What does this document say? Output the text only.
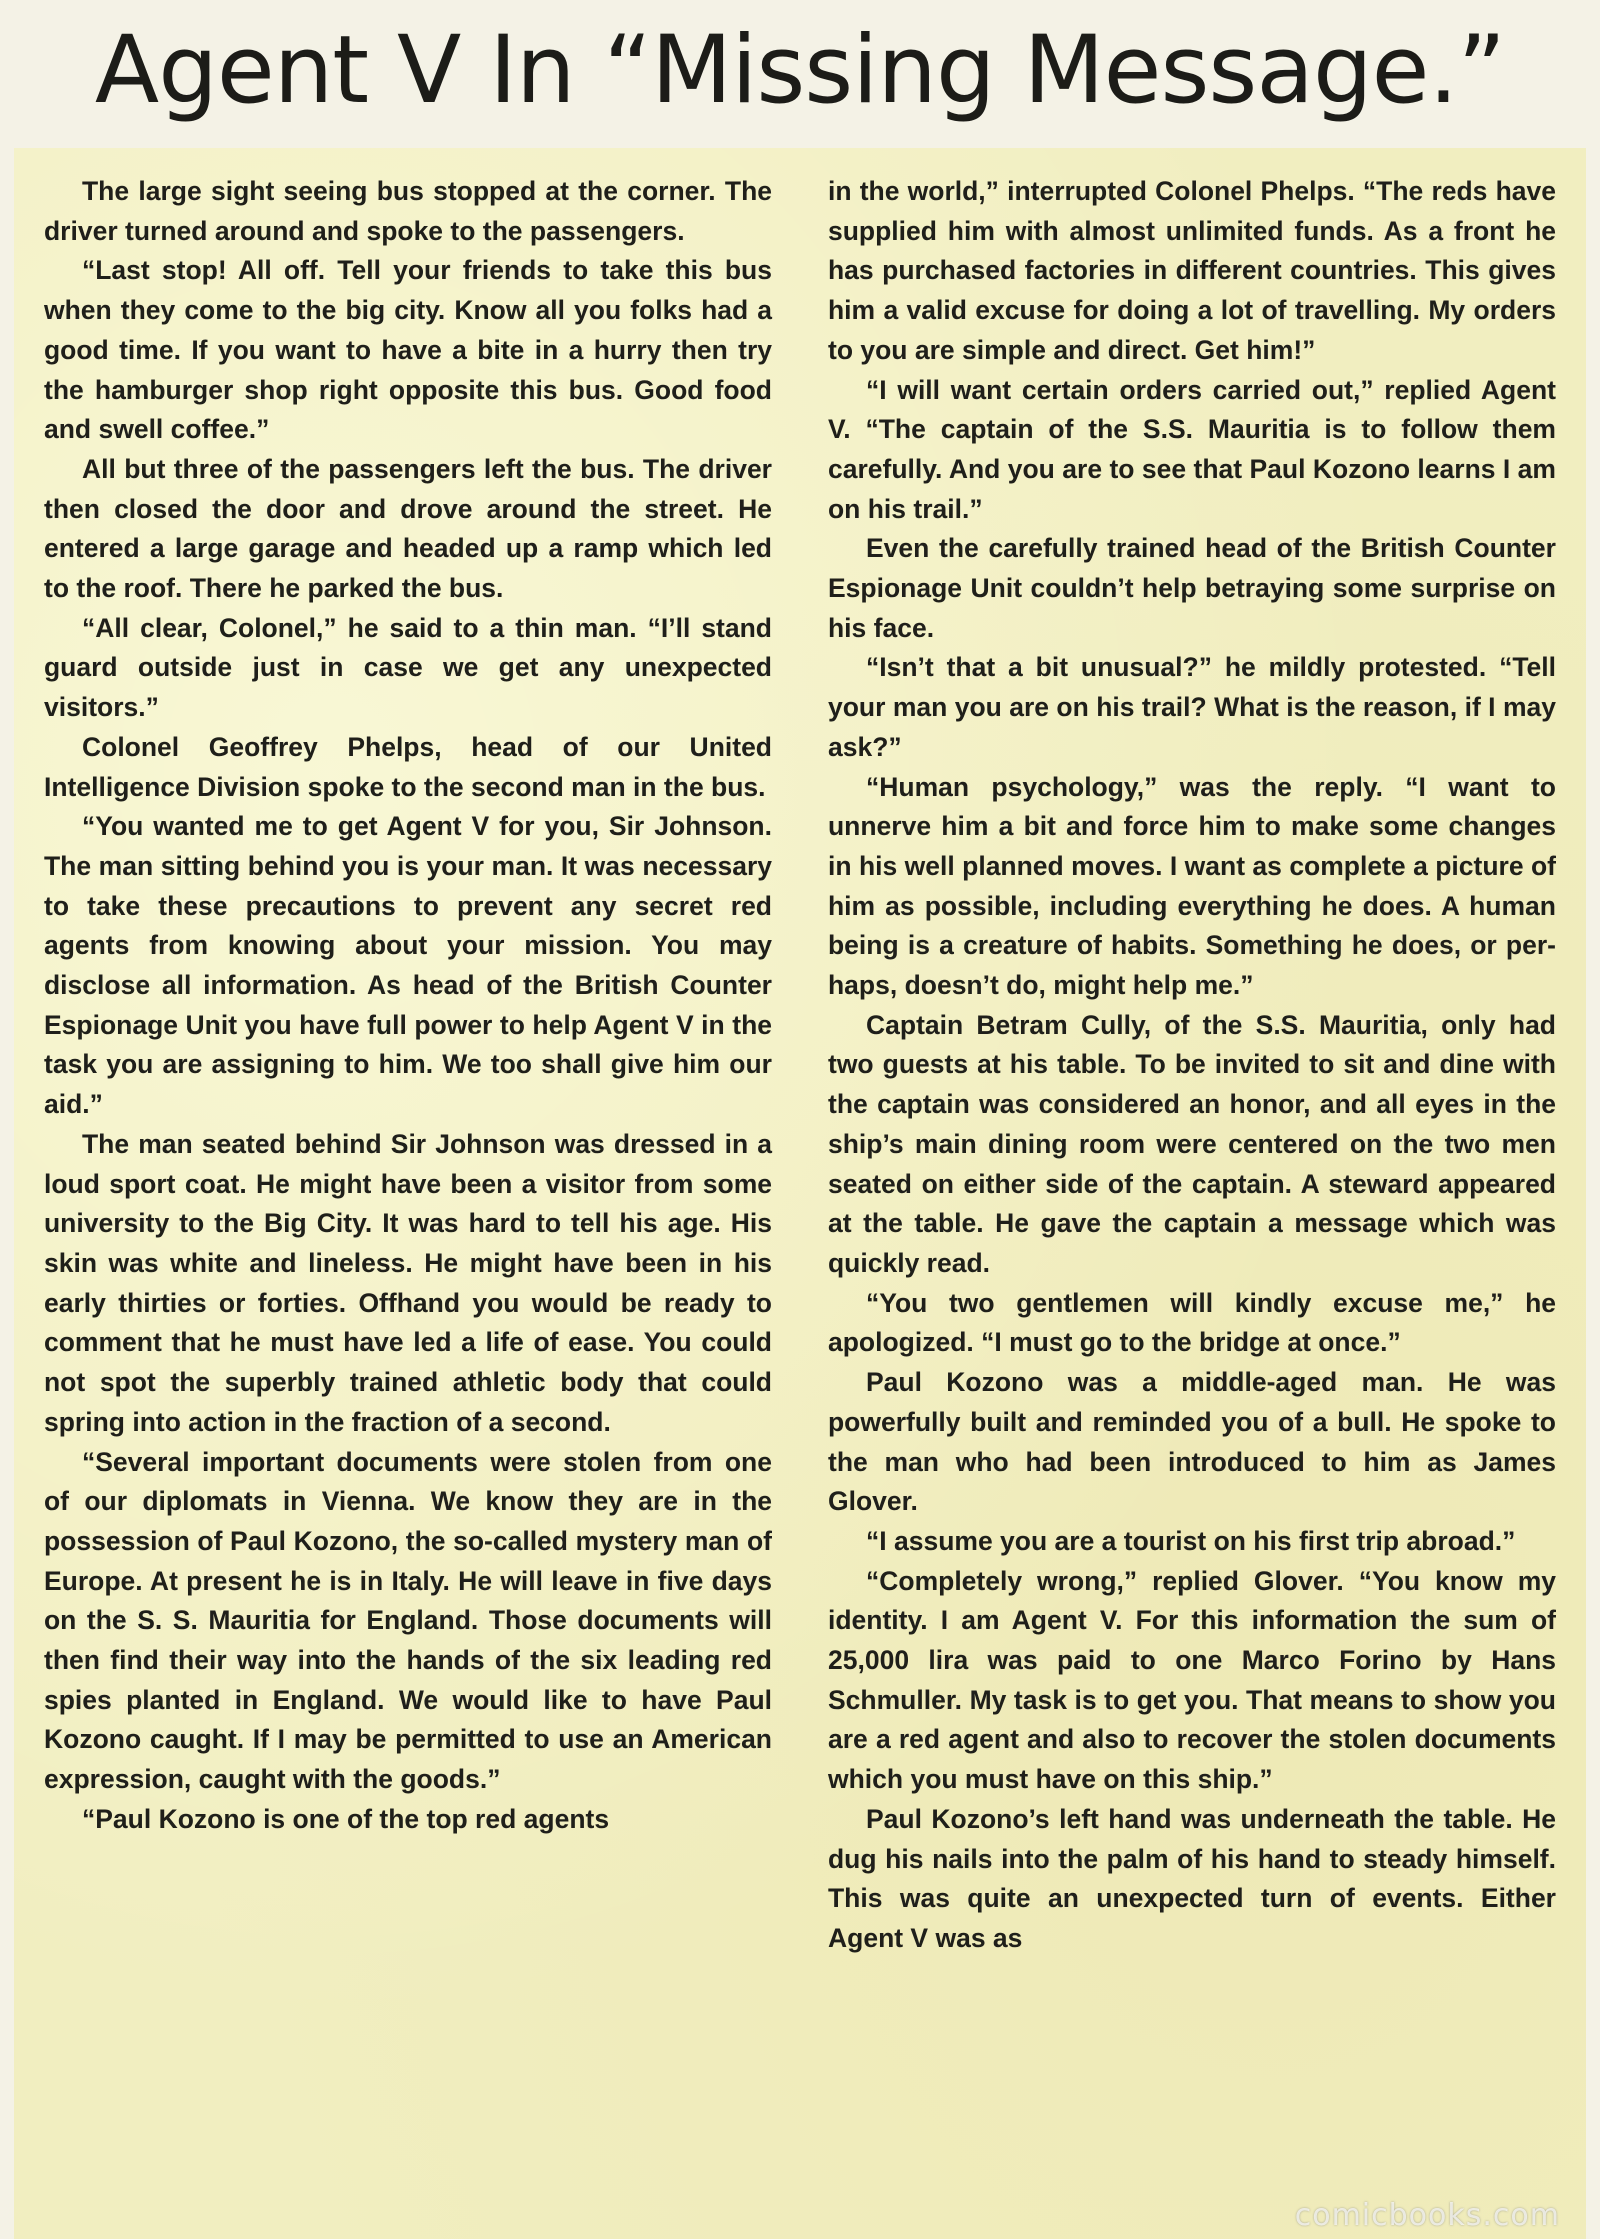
Agent V In “Missing Message.”

The large sight seeing bus stopped at the corner. The driver turned around and spoke to the passengers.

“Last stop! All off. Tell your friends to take this bus when they come to the big city. Know all you folks had a good time. If you want to have a bite in a hurry then try the hamburger shop right opposite this bus. Good food and swell coffee.”

All but three of the passengers left the bus. The driver then closed the door and drove around the street. He entered a large garage and headed up a ramp which led to the roof. There he parked the bus.

“All clear, Colonel,” he said to a thin man. “I’ll stand guard outside just in case we get any unexpected visitors.”

Colonel Geoffrey Phelps, head of our United Intelligence Division spoke to the second man in the bus.

“You wanted me to get Agent V for you, Sir Johnson. The man sitting behind you is your man. It was necessary to take these precautions to prevent any secret red agents from knowing about your mission. You may disclose all information. As head of the British Counter Espionage Unit you have full power to help Agent V in the task you are assigning to him. We too shall give him our aid.”

The man seated behind Sir Johnson was dressed in a loud sport coat. He might have been a visitor from some university to the Big City. It was hard to tell his age. His skin was white and lineless. He might have been in his early thirties or forties. Offhand you would be ready to comment that he must have led a life of ease. You could not spot the superbly trained athletic body that could spring into action in the fraction of a second.

“Several important documents were stolen from one of our diplomats in Vienna. We know they are in the possession of Paul Kozono, the so-called mystery man of Europe. At present he is in Italy. He will leave in five days on the S. S. Mauritia for England. Those documents will then find their way into the hands of the six leading red spies planted in England. We would like to have Paul Kozono caught. If I may be permitted to use an American expression, caught with the goods.”

“Paul Kozono is one of the top red agents

in the world,” interrupted Colonel Phelps. “The reds have supplied him with almost unlimited funds. As a front he has purchased factories in different countries. This gives him a valid excuse for doing a lot of travelling. My orders to you are simple and direct. Get him!”

“I will want certain orders carried out,” replied Agent V. “The captain of the S.S. Mauritia is to follow them carefully. And you are to see that Paul Kozono learns I am on his trail.”

Even the carefully trained head of the British Counter Espionage Unit couldn’t help betraying some surprise on his face.

“Isn’t that a bit unusual?” he mildly protested. “Tell your man you are on his trail? What is the reason, if I may ask?”

“Human psychology,” was the reply. “I want to unnerve him a bit and force him to make some changes in his well planned moves. I want as complete a picture of him as possible, including everything he does. A human being is a creature of habits. Something he does, or perhaps, doesn’t do, might help me.”

Captain Betram Cully, of the S.S. Mauritia, only had two guests at his table. To be invited to sit and dine with the captain was considered an honor, and all eyes in the ship’s main dining room were centered on the two men seated on either side of the captain. A steward appeared at the table. He gave the captain a message which was quickly read.

“You two gentlemen will kindly excuse me,” he apologized. “I must go to the bridge at once.”

Paul Kozono was a middle-aged man. He was powerfully built and reminded you of a bull. He spoke to the man who had been introduced to him as James Glover.

“I assume you are a tourist on his first trip abroad.”

“Completely wrong,” replied Glover. “You know my identity. I am Agent V. For this information the sum of 25,000 lira was paid to one Marco Forino by Hans Schmuller. My task is to get you. That means to show you are a red agent and also to recover the stolen documents which you must have on this ship.”

Paul Kozono’s left hand was underneath the table. He dug his nails into the palm of his hand to steady himself. This was quite an unexpected turn of events. Either Agent V was as

comicbooks.com
